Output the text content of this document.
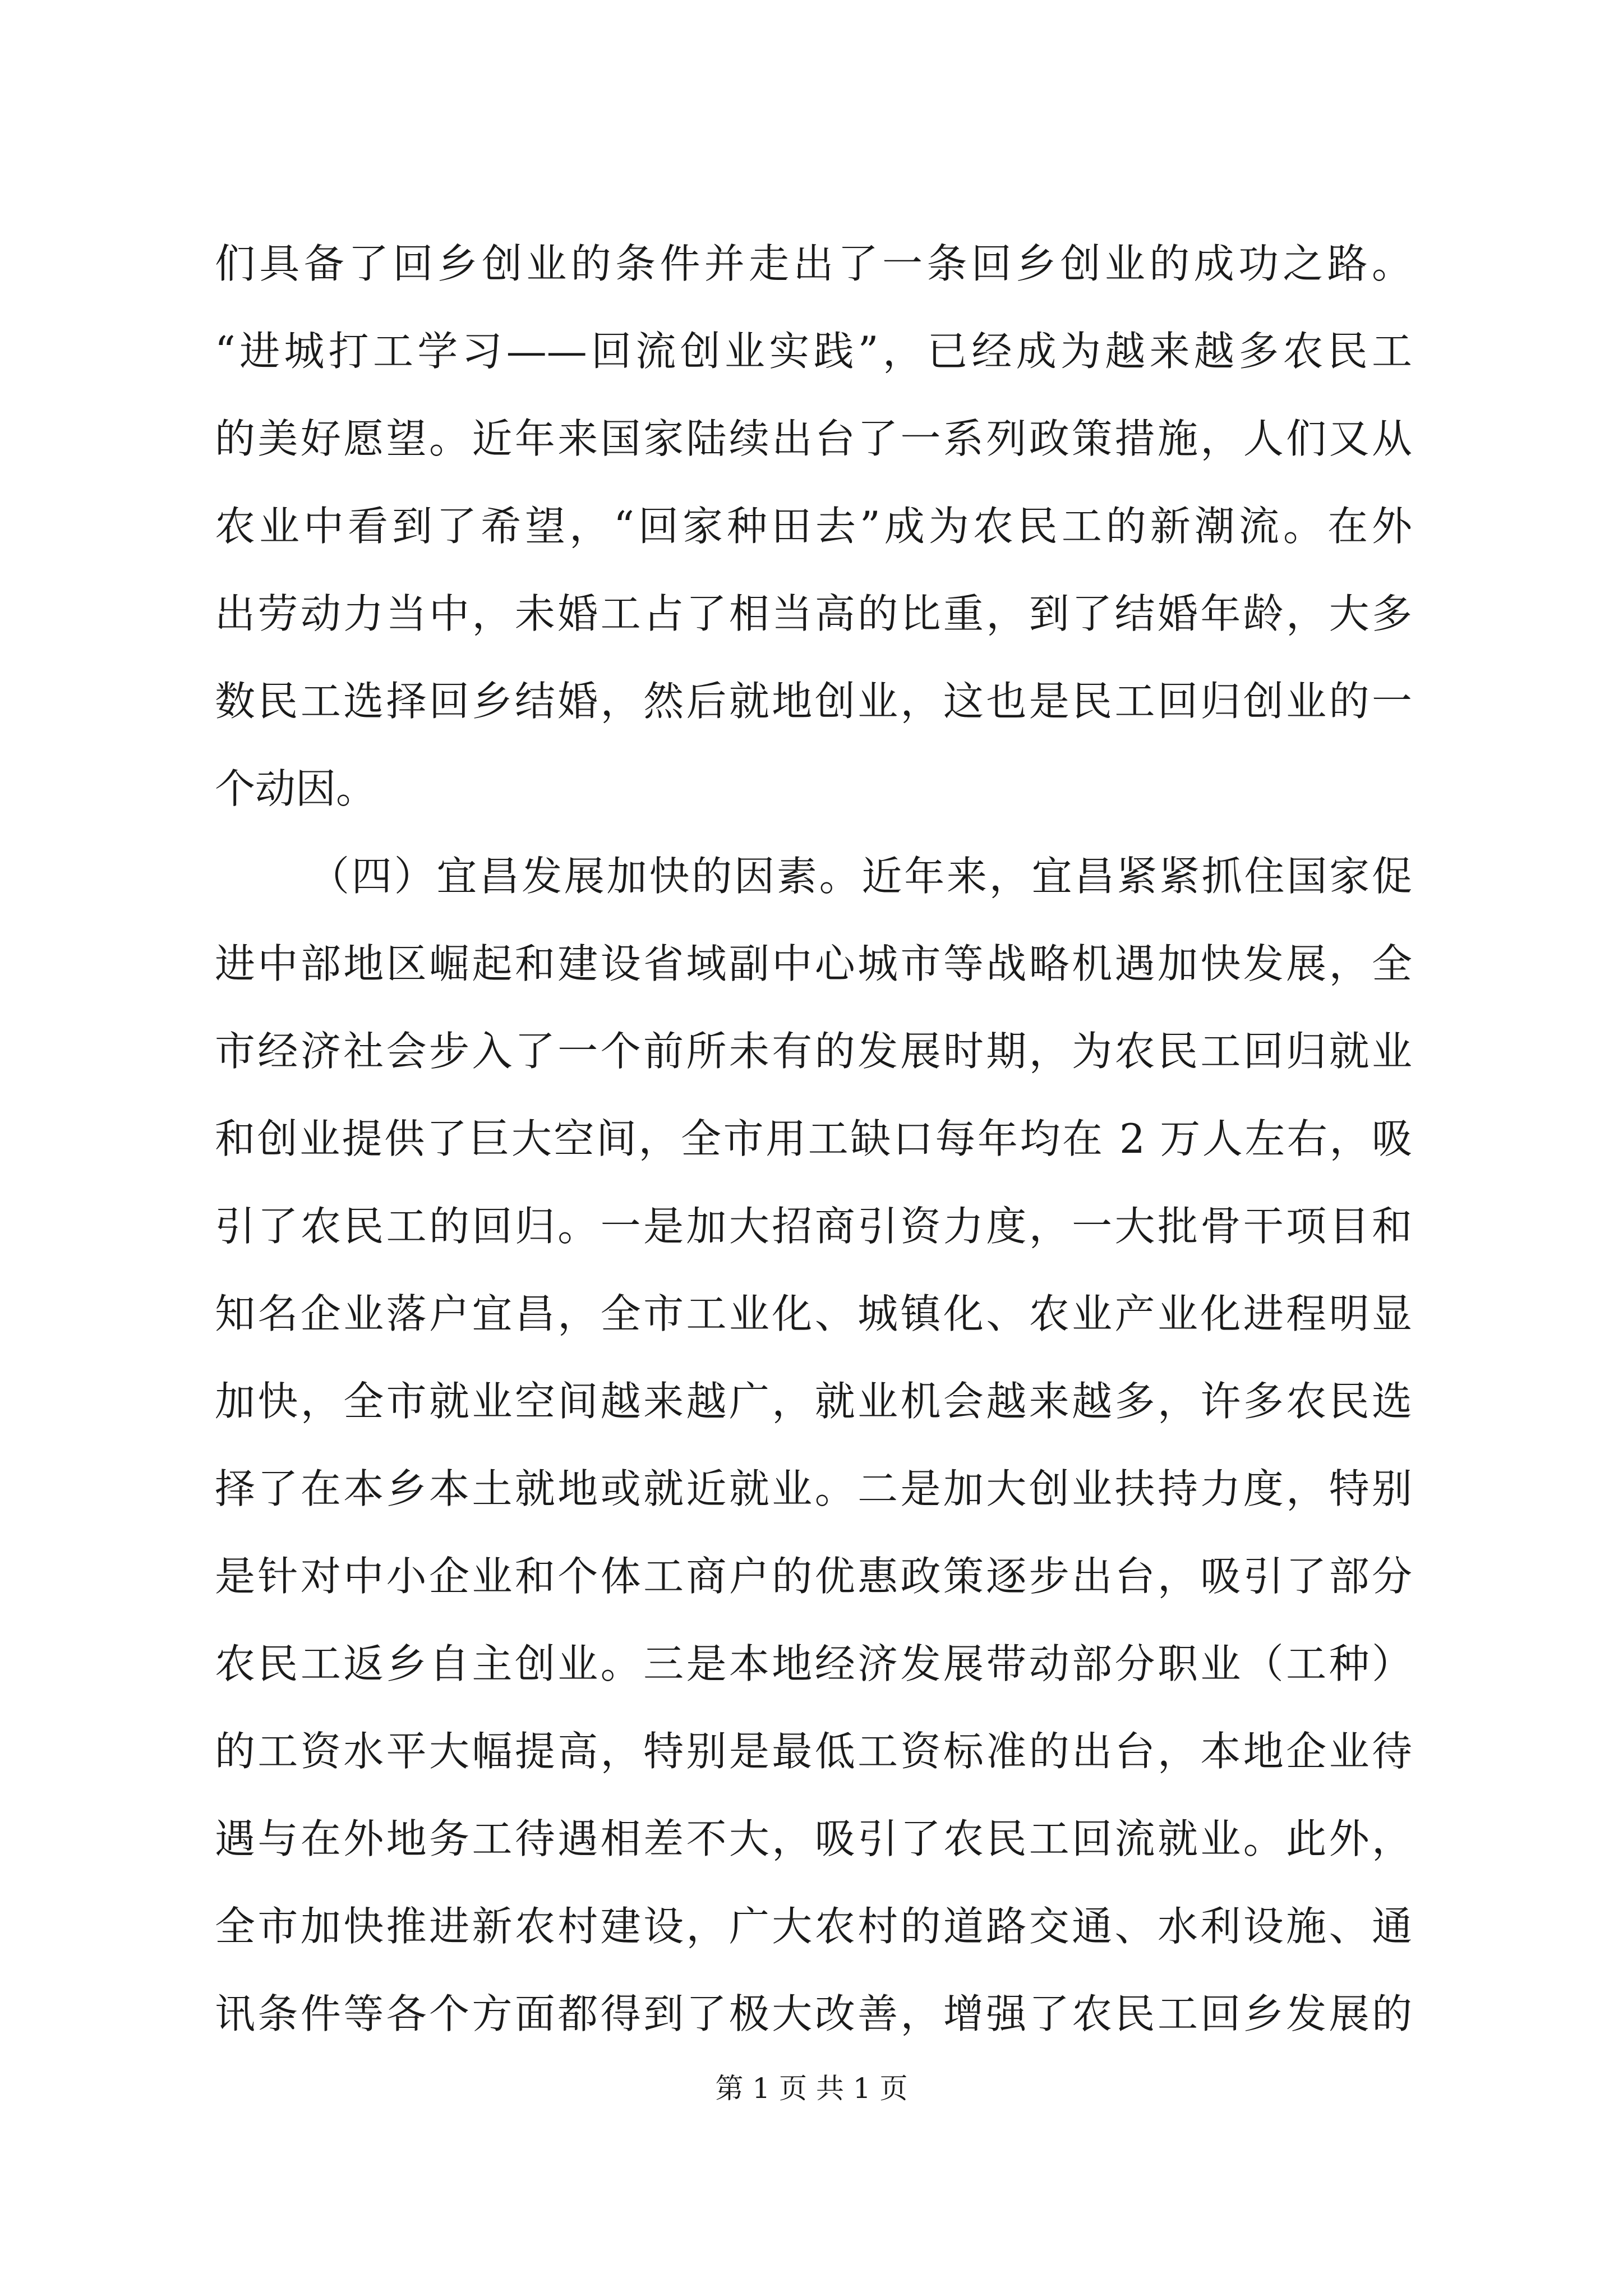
们具备了回乡创业的条件并走出了一条回乡创业的成功之路。
“进城打工学习——回流创业实践”，已经成为越来越多农民工
的美好愿望。近年来国家陆续出台了一系列政策措施，人们又从
农业中看到了希望，“回家种田去”成为农民工的新潮流。在外
出劳动力当中，未婚工占了相当高的比重，到了结婚年龄，大多
数民工选择回乡结婚，然后就地创业，这也是民工回归创业的一
个动因。
（四）宜昌发展加快的因素。近年来，宜昌紧紧抓住国家促
进中部地区崛起和建设省域副中心城市等战略机遇加快发展，全
市经济社会步入了一个前所未有的发展时期，为农民工回归就业
和创业提供了巨大空间，全市用工缺口每年均在 2 万人左右，吸
引了农民工的回归。一是加大招商引资力度，一大批骨干项目和
知名企业落户宜昌，全市工业化、城镇化、农业产业化进程明显
加快，全市就业空间越来越广，就业机会越来越多，许多农民选
择了在本乡本土就地或就近就业。二是加大创业扶持力度，特别
是针对中小企业和个体工商户的优惠政策逐步出台，吸引了部分
农民工返乡自主创业。三是本地经济发展带动部分职业（工种）
的工资水平大幅提高，特别是最低工资标准的出台，本地企业待
遇与在外地务工待遇相差不大，吸引了农民工回流就业。此外，
全市加快推进新农村建设，广大农村的道路交通、水利设施、通
讯条件等各个方面都得到了极大改善，增强了农民工回乡发展的
第 1 页 共 1 页
